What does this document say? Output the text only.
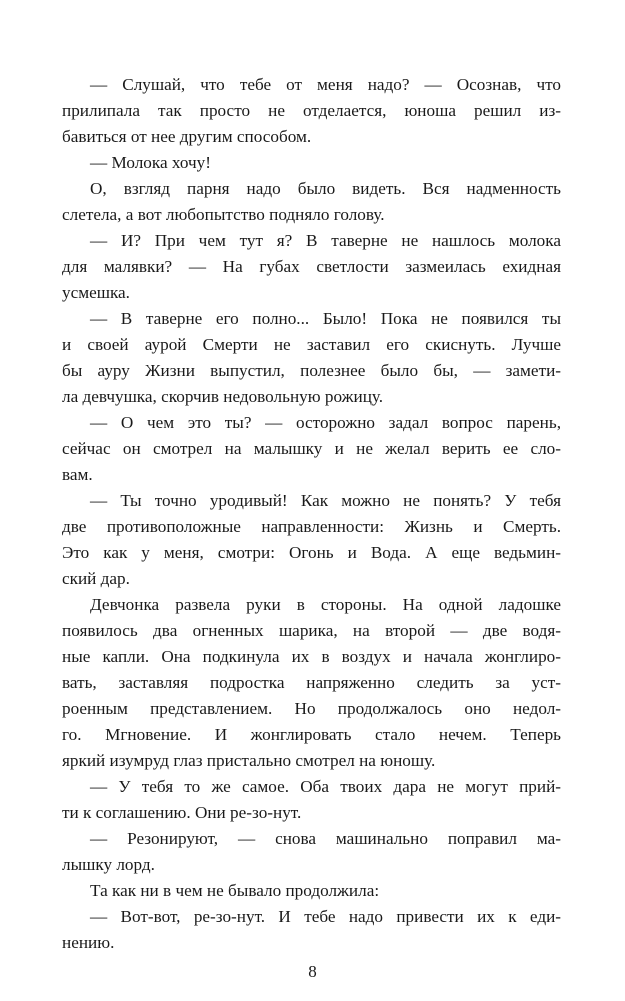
— Слушай, что тебе от меня надо? — Осознав, что
прилипала так просто не отделается, юноша решил из-
бавиться от нее другим способом.
— Молока хочу!
О, взгляд парня надо было видеть. Вся надменность
слетела, а вот любопытство подняло голову.
— И? При чем тут я? В таверне не нашлось молока
для малявки? — На губах светлости зазмеилась ехидная
усмешка.
— В таверне его полно... Было! Пока не появился ты
и своей аурой Смерти не заставил его скиснуть. Лучше
бы ауру Жизни выпустил, полезнее было бы, — замети-
ла девчушка, скорчив недовольную рожицу.
— О чем это ты? — осторожно задал вопрос парень,
сейчас он смотрел на малышку и не желал верить ее сло-
вам.
— Ты точно уродивый! Как можно не понять? У тебя
две противоположные направленности: Жизнь и Смерть.
Это как у меня, смотри: Огонь и Вода. А еще ведьмин-
ский дар.
Девчонка развела руки в стороны. На одной ладошке
появилось два огненных шарика, на второй — две водя-
ные капли. Она подкинула их в воздух и начала жонглиро-
вать, заставляя подростка напряженно следить за уст-
роенным представлением. Но продолжалось оно недол-
го. Мгновение. И жонглировать стало нечем. Теперь
яркий изумруд глаз пристально смотрел на юношу.
— У тебя то же самое. Оба твоих дара не могут прий-
ти к соглашению. Они ре-зо-нут.
— Резонируют, — снова машинально поправил ма-
лышку лорд.
Та как ни в чем не бывало продолжила:
— Вот-вот, ре-зо-нут. И тебе надо привести их к еди-
нению.
8
